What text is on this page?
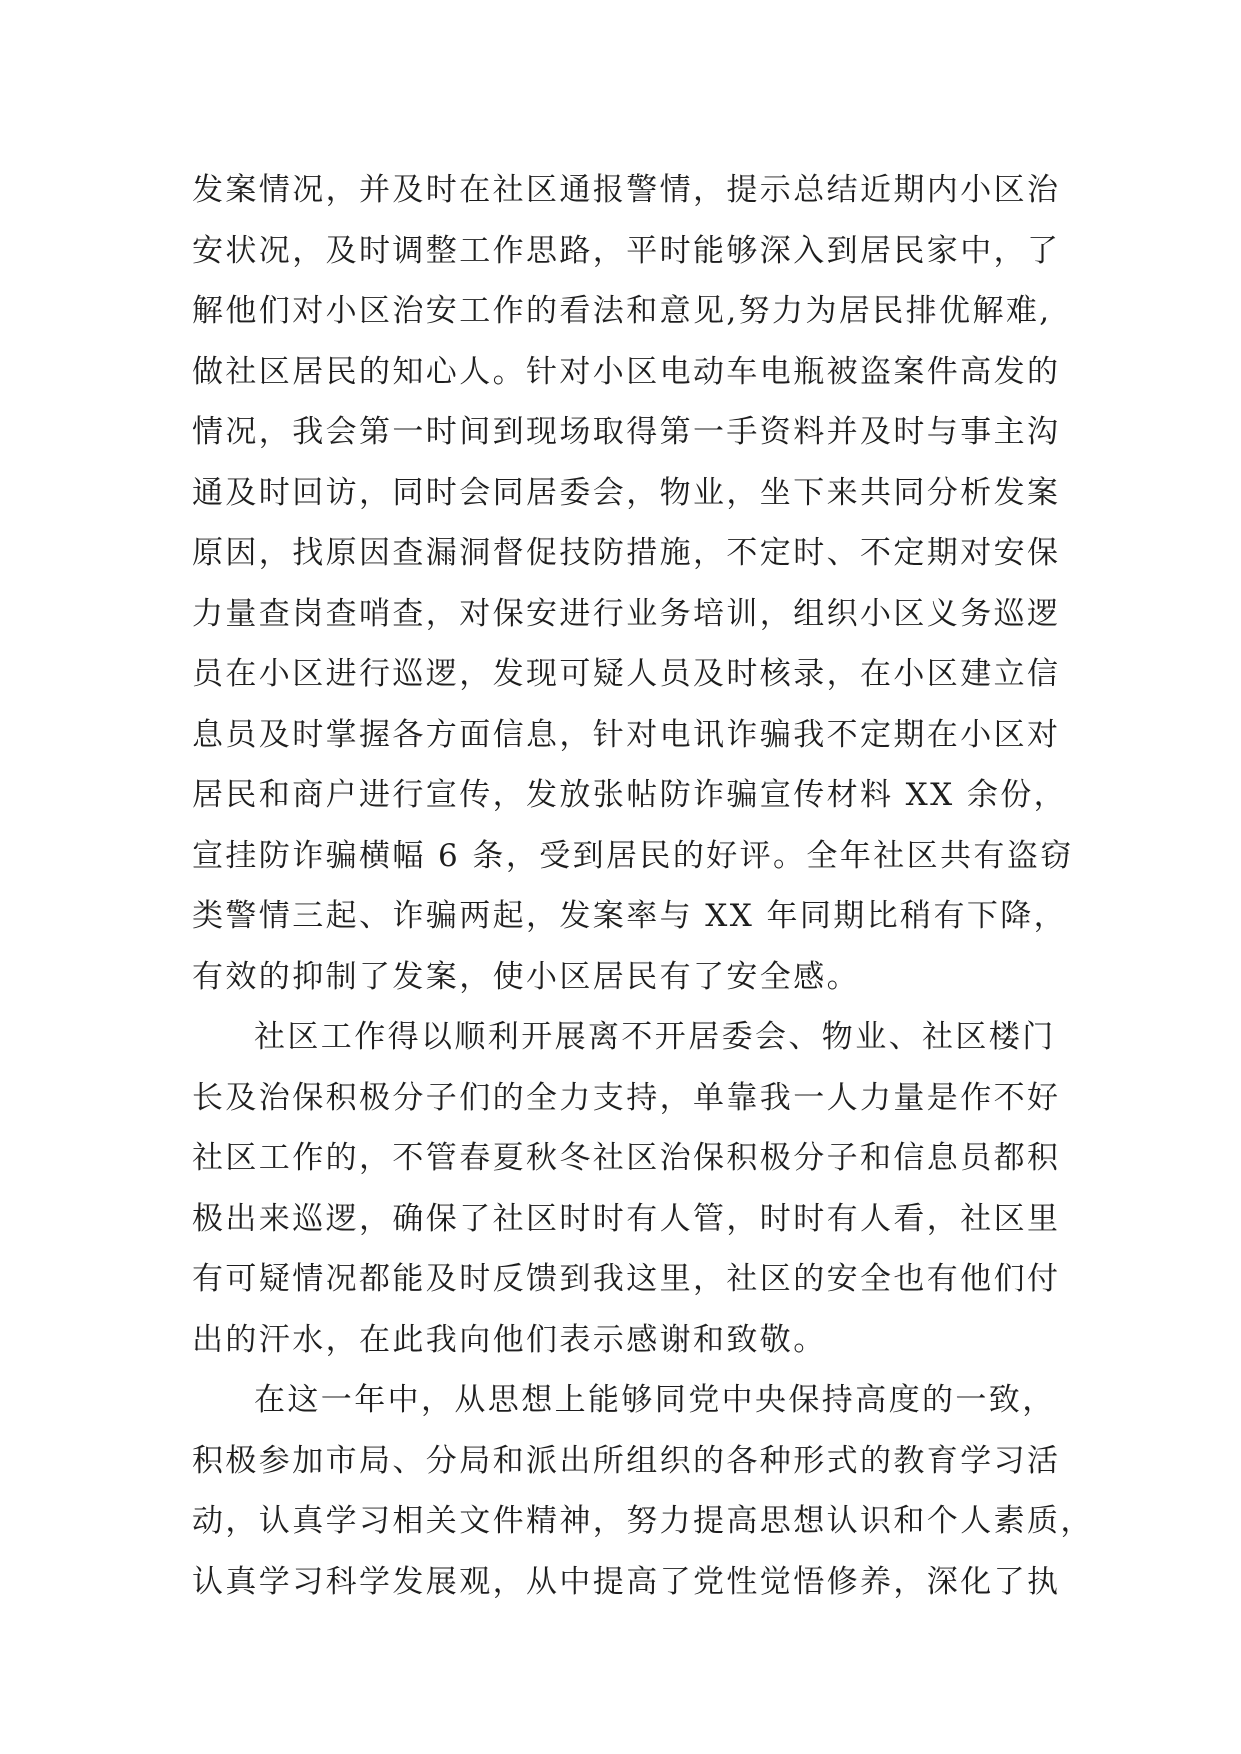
发案情况，并及时在社区通报警情，提示总结近期内小区治
安状况，及时调整工作思路，平时能够深入到居民家中，了
解他们对小区治安工作的看法和意见,努力为居民排优解难,
做社区居民的知心人。针对小区电动车电瓶被盗案件高发的
情况，我会第一时间到现场取得第一手资料并及时与事主沟
通及时回访，同时会同居委会，物业，坐下来共同分析发案
原因，找原因查漏洞督促技防措施，不定时、不定期对安保
力量查岗查哨查，对保安进行业务培训，组织小区义务巡逻
员在小区进行巡逻，发现可疑人员及时核录，在小区建立信
息员及时掌握各方面信息，针对电讯诈骗我不定期在小区对
居民和商户进行宣传，发放张帖防诈骗宣传材料 XX 余份，
宣挂防诈骗横幅 6 条，受到居民的好评。全年社区共有盗窃
类警情三起、诈骗两起，发案率与 XX 年同期比稍有下降，
有效的抑制了发案，使小区居民有了安全感。
社区工作得以顺利开展离不开居委会、物业、社区楼门
长及治保积极分子们的全力支持，单靠我一人力量是作不好
社区工作的，不管春夏秋冬社区治保积极分子和信息员都积
极出来巡逻，确保了社区时时有人管，时时有人看，社区里
有可疑情况都能及时反馈到我这里，社区的安全也有他们付
出的汗水，在此我向他们表示感谢和致敬。
在这一年中，从思想上能够同党中央保持高度的一致，
积极参加市局、分局和派出所组织的各种形式的教育学习活
动，认真学习相关文件精神，努力提高思想认识和个人素质，
认真学习科学发展观，从中提高了党性觉悟修养，深化了执
